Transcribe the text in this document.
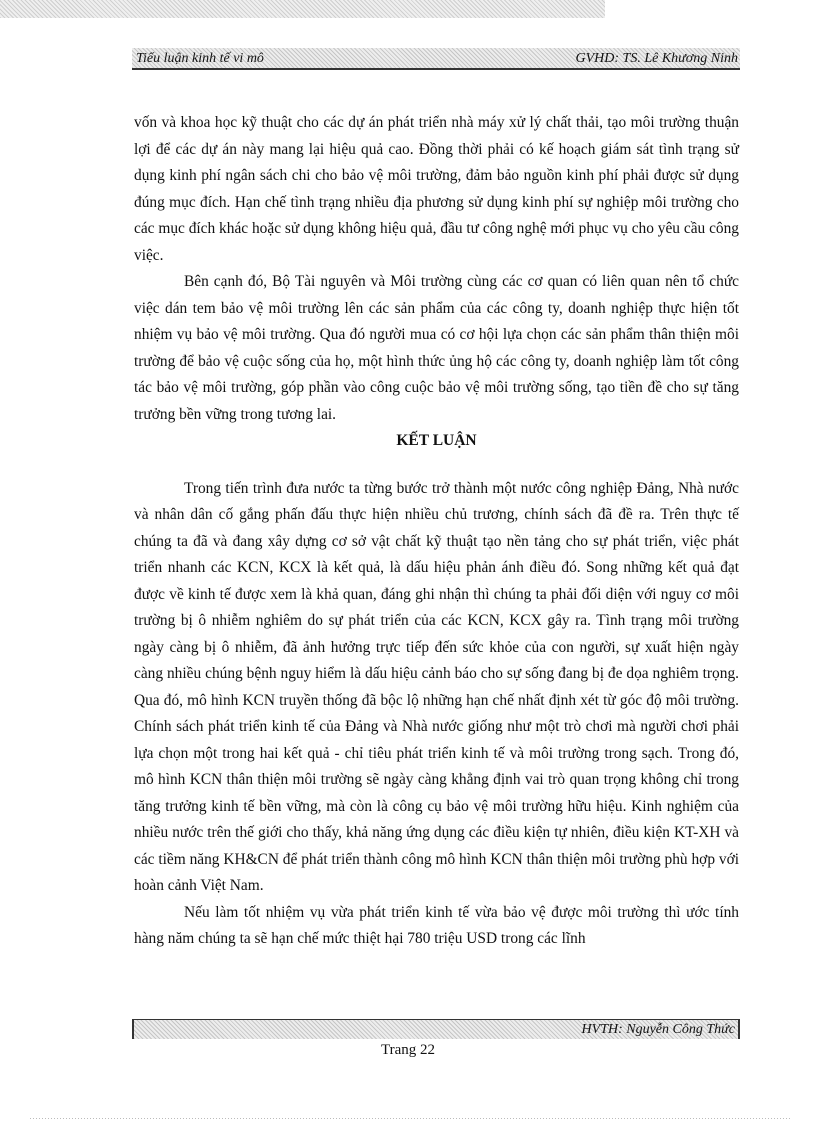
Tiểu luận kinh tế vi mô	GVHD: TS. Lê Khương Ninh

vốn và khoa học kỹ thuật cho các dự án phát triển nhà máy xử lý chất thải, tạo môi trường thuận lợi để các dự án này mang lại hiệu quả cao. Đồng thời phải có kế hoạch giám sát tình trạng sử dụng kinh phí ngân sách chi cho bảo vệ môi trường, đảm bảo nguồn kinh phí phải được sử dụng đúng mục đích. Hạn chế tình trạng nhiều địa phương sử dụng kinh phí sự nghiệp môi trường cho các mục đích khác hoặc sử dụng không hiệu quả, đầu tư công nghệ mới phục vụ cho yêu cầu công việc.

Bên cạnh đó, Bộ Tài nguyên và Môi trường cùng các cơ quan có liên quan nên tổ chức việc dán tem bảo vệ môi trường lên các sản phẩm của các công ty, doanh nghiệp thực hiện tốt nhiệm vụ bảo vệ môi trường. Qua đó người mua có cơ hội lựa chọn các sản phẩm thân thiện môi trường để bảo vệ cuộc sống của họ, một hình thức ủng hộ các công ty, doanh nghiệp làm tốt công tác bảo vệ môi trường, góp phần vào công cuộc bảo vệ môi trường sống, tạo tiền đề cho sự tăng trưởng bền vững trong tương lai.

KẾT LUẬN

Trong tiến trình đưa nước ta từng bước trở thành một nước công nghiệp Đảng, Nhà nước và nhân dân cố gắng phấn đấu thực hiện nhiều chủ trương, chính sách đã đề ra. Trên thực tế chúng ta đã và đang xây dựng cơ sở vật chất kỹ thuật tạo nền tảng cho sự phát triển, việc phát triển nhanh các KCN, KCX là kết quả, là dấu hiệu phản ánh điều đó. Song những kết quả đạt được về kinh tế được xem là khả quan, đáng ghi nhận thì chúng ta phải đối diện với nguy cơ môi trường bị ô nhiễm nghiêm do sự phát triển của các KCN, KCX gây ra. Tình trạng môi trường ngày càng bị ô nhiễm, đã ảnh hưởng trực tiếp đến sức khỏe của con người, sự xuất hiện ngày càng nhiều chúng bệnh nguy hiểm là dấu hiệu cảnh báo cho sự sống đang bị đe dọa nghiêm trọng. Qua đó, mô hình KCN truyền thống đã bộc lộ những hạn chế nhất định xét từ góc độ môi trường. Chính sách phát triển kinh tế của Đảng và Nhà nước giống như một trò chơi mà người chơi phải lựa chọn một trong hai kết quả - chỉ tiêu phát triển kinh tế và môi trường trong sạch. Trong đó, mô hình KCN thân thiện môi trường sẽ ngày càng khẳng định vai trò quan trọng không chỉ trong tăng trưởng kinh tế bền vững, mà còn là công cụ bảo vệ môi trường hữu hiệu. Kinh nghiệm của nhiều nước trên thế giới cho thấy, khả năng ứng dụng các điều kiện tự nhiên, điều kiện KT-XH và các tiềm năng KH&CN để phát triển thành công mô hình KCN thân thiện môi trường phù hợp với hoàn cảnh Việt Nam.

Nếu làm tốt nhiệm vụ vừa phát triển kinh tế vừa bảo vệ được môi trường thì ước tính hàng năm chúng ta sẽ hạn chế mức thiệt hại 780 triệu USD trong các lĩnh

HVTH: Nguyễn Công Thức
Trang 22
